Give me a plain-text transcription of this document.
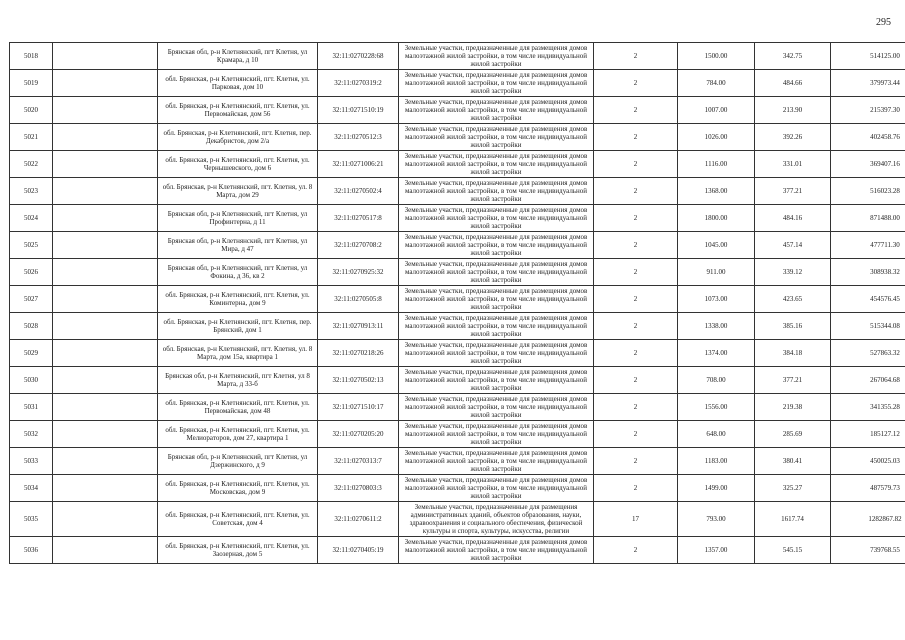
295
5018		Брянская обл, р-н Клетнянский, пгт Клетня, ул Крамара, д 10	32:11:0270228:68	Земельные участки, предназначенные для размещения домов малоэтажной жилой застройки, в том числе индивидуальной жилой застройки	2	1500.00	342.75	514125.00
5019		обл. Брянская, р-н Клетнянский, пгт. Клетня, ул. Парковая, дом 10	32:11:0270319:2	Земельные участки, предназначенные для размещения домов малоэтажной жилой застройки, в том числе индивидуальной жилой застройки	2	784.00	484.66	379973.44
5020		обл. Брянская, р-н Клетнянский, пгт. Клетня, ул. Первомайская, дом 56	32:11:0271510:19	Земельные участки, предназначенные для размещения домов малоэтажной жилой застройки, в том числе индивидуальной жилой застройки	2	1007.00	213.90	215397.30
5021		обл. Брянская, р-н Клетнянский, пгт. Клетня, пер. Декабристов, дом 2/а	32:11:0270512:3	Земельные участки, предназначенные для размещения домов малоэтажной жилой застройки, в том числе индивидуальной жилой застройки	2	1026.00	392.26	402458.76
5022		обл. Брянская, р-н Клетнянский, пгт. Клетня, ул. Чернышевского, дом 6	32:11:0271006:21	Земельные участки, предназначенные для размещения домов малоэтажной жилой застройки, в том числе индивидуальной жилой застройки	2	1116.00	331.01	369407.16
5023		обл. Брянская, р-н Клетнянский, пгт. Клетня, ул. 8 Марта, дом 29	32:11:0270502:4	Земельные участки, предназначенные для размещения домов малоэтажной жилой застройки, в том числе индивидуальной жилой застройки	2	1368.00	377.21	516023.28
5024		Брянская обл, р-н Клетнянский, пгт Клетня, ул Профинтерна, д 11	32:11:0270517:8	Земельные участки, предназначенные для размещения домов малоэтажной жилой застройки, в том числе индивидуальной жилой застройки	2	1800.00	484.16	871488.00
5025		Брянская обл, р-н Клетнянский, пгт Клетня, ул Мира, д 47	32:11:0270708:2	Земельные участки, предназначенные для размещения домов малоэтажной жилой застройки, в том числе индивидуальной жилой застройки	2	1045.00	457.14	477711.30
5026		Брянская обл, р-н Клетнянский, пгт Клетня, ул Фокина, д 36, кв 2	32:11:0270925:32	Земельные участки, предназначенные для размещения домов малоэтажной жилой застройки, в том числе индивидуальной жилой застройки	2	911.00	339.12	308938.32
5027		обл. Брянская, р-н Клетнянский, пгт. Клетня, ул. Коминтерна, дом 9	32:11:0270505:8	Земельные участки, предназначенные для размещения домов малоэтажной жилой застройки, в том числе индивидуальной жилой застройки	2	1073.00	423.65	454576.45
5028		обл. Брянская, р-н Клетнянский, пгт. Клетня, пер. Брянский, дом 1	32:11:0270913:11	Земельные участки, предназначенные для размещения домов малоэтажной жилой застройки, в том числе индивидуальной жилой застройки	2	1338.00	385.16	515344.08
5029		обл. Брянская, р-н Клетнянский, пгт. Клетня, ул. 8 Марта, дом 15а, квартира 1	32:11:0270218:26	Земельные участки, предназначенные для размещения домов малоэтажной жилой застройки, в том числе индивидуальной жилой застройки	2	1374.00	384.18	527863.32
5030		Брянская обл, р-н Клетнянский, пгт Клетня, ул 8 Марта, д 33-б	32:11:0270502:13	Земельные участки, предназначенные для размещения домов малоэтажной жилой застройки, в том числе индивидуальной жилой застройки	2	708.00	377.21	267064.68
5031		обл. Брянская, р-н Клетнянский, пгт. Клетня, ул. Первомайская, дом 48	32:11:0271510:17	Земельные участки, предназначенные для размещения домов малоэтажной жилой застройки, в том числе индивидуальной жилой застройки	2	1556.00	219.38	341355.28
5032		обл. Брянская, р-н Клетнянский, пгт. Клетня, ул. Мелиораторов, дом 27, квартира 1	32:11:0270205:20	Земельные участки, предназначенные для размещения домов малоэтажной жилой застройки, в том числе индивидуальной жилой застройки	2	648.00	285.69	185127.12
5033		Брянская обл, р-н Клетнянский, пгт Клетня, ул Дзержинского, д 9	32:11:0270313:7	Земельные участки, предназначенные для размещения домов малоэтажной жилой застройки, в том числе индивидуальной жилой застройки	2	1183.00	380.41	450025.03
5034		обл. Брянская, р-н Клетнянский, пгт. Клетня, ул. Московская, дом 9	32:11:0270803:3	Земельные участки, предназначенные для размещения домов малоэтажной жилой застройки, в том числе индивидуальной жилой застройки	2	1499.00	325.27	487579.73
5035		обл. Брянская, р-н Клетнянский, пгт. Клетня, ул. Советская, дом 4	32:11:0270611:2	Земельные участки, предназначенные для размещения административных зданий, объектов образования, науки, здравоохранения и социального обеспечения, физической культуры и спорта, культуры, искусства, религии	17	793.00	1617.74	1282867.82
5036		обл. Брянская, р-н Клетнянский, пгт. Клетня, ул. Заозерная, дом 5	32:11:0270405:19	Земельные участки, предназначенные для размещения домов малоэтажной жилой застройки, в том числе индивидуальной жилой застройки	2	1357.00	545.15	739768.55
